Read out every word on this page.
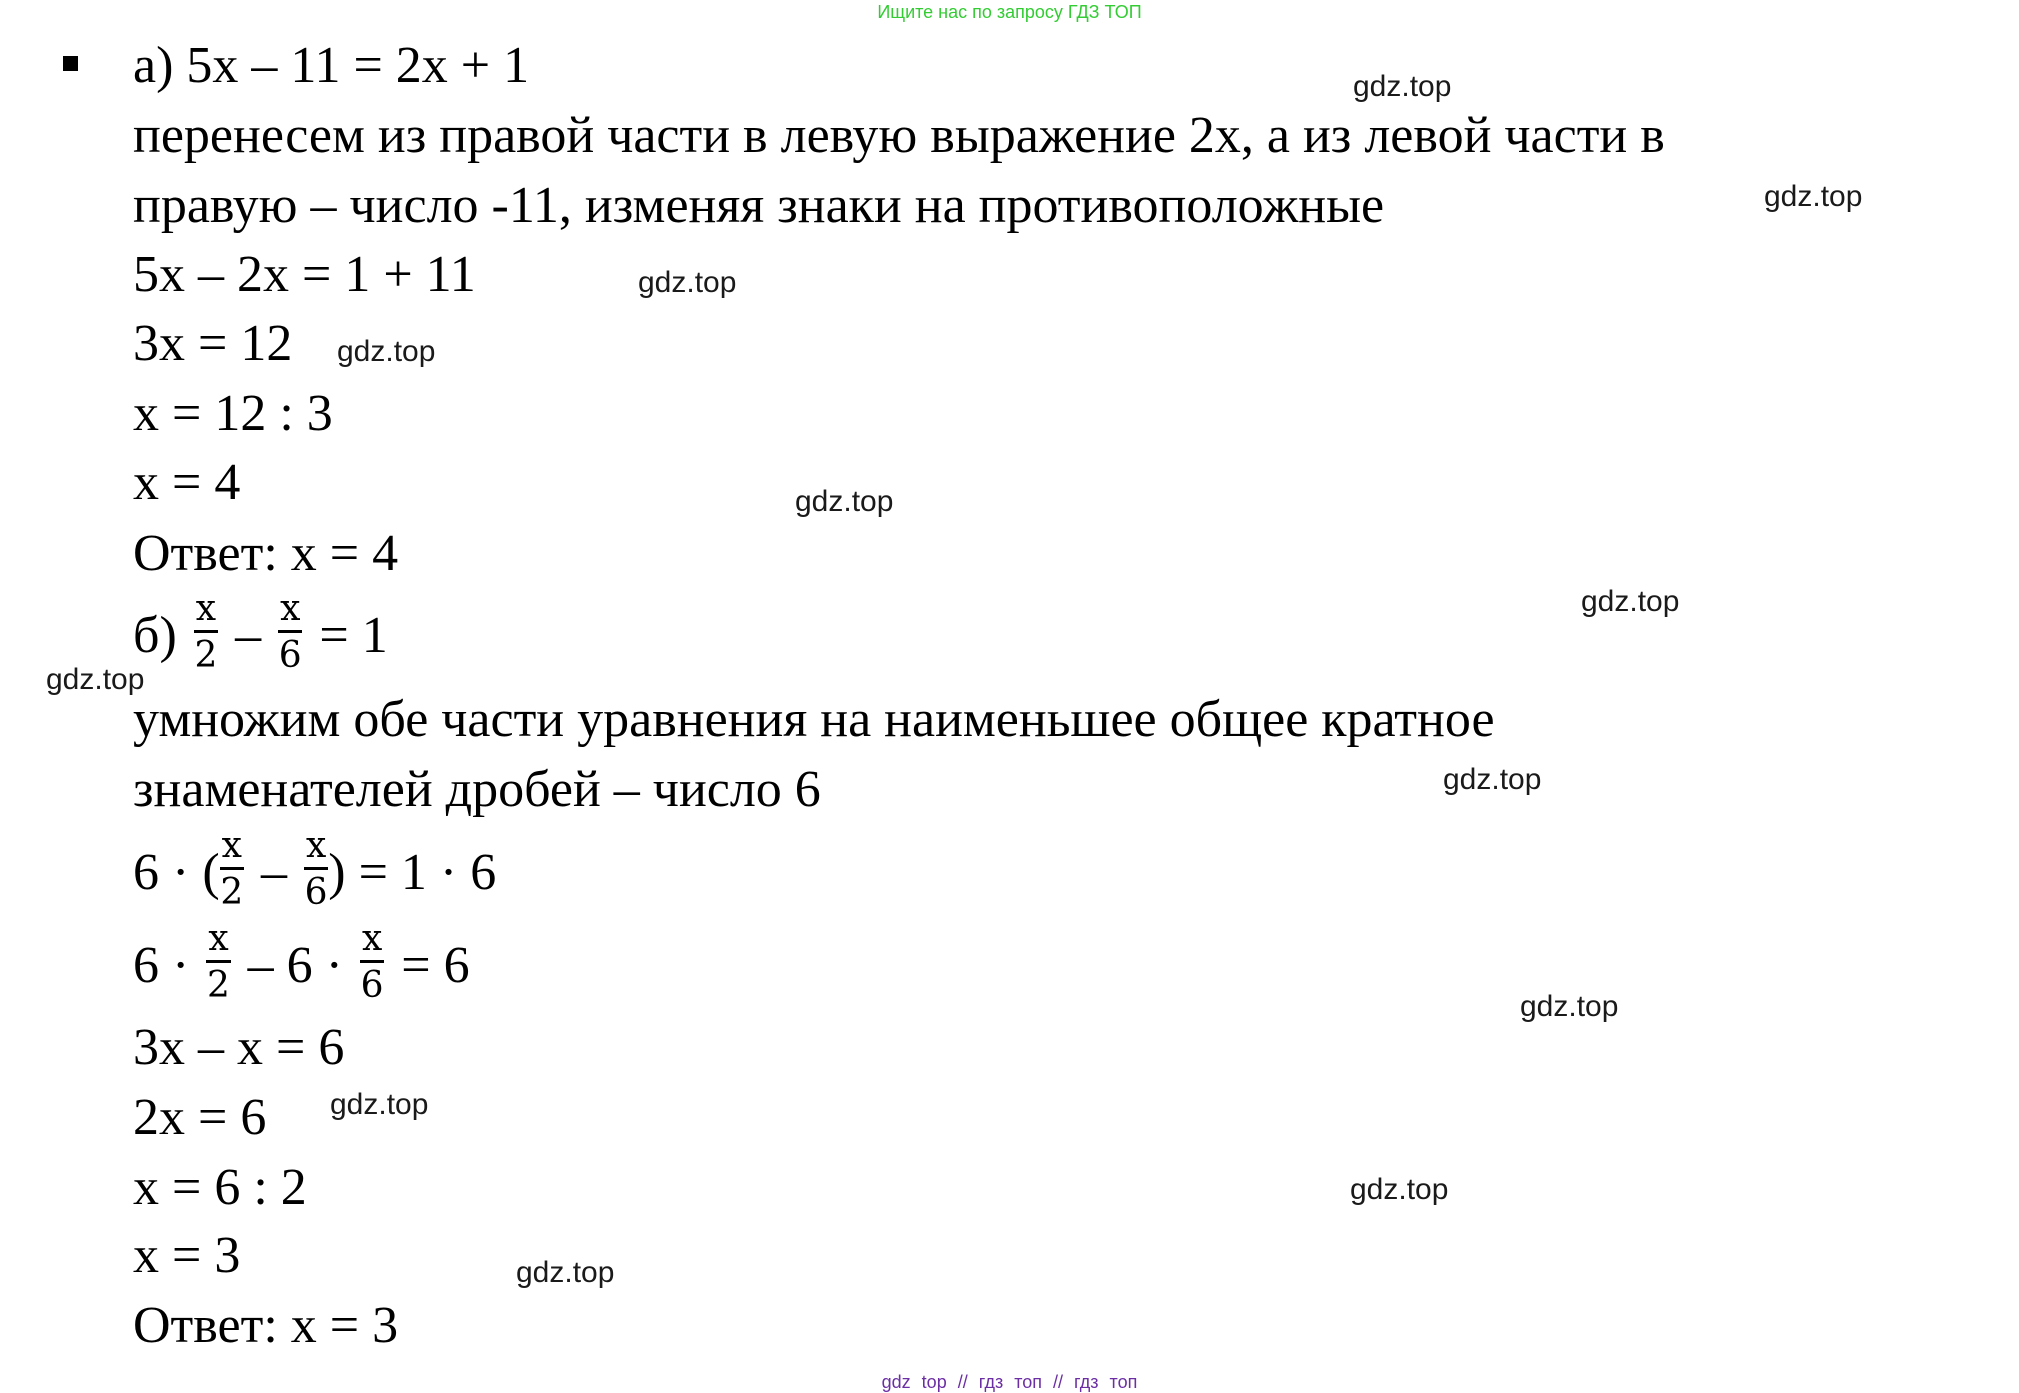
Ищите нас по запросу ГДЗ ТОП
а) 5x – 11 = 2x + 1
перенесем из правой части в левую выражение 2x, а из левой части в
правую – число -11, изменяя знаки на противоположные
5x – 2x = 1 + 11
3x = 12
x = 12 : 3
x = 4
Ответ: x = 4
$б) \frac{x}{2} - \frac{x}{6} = 1$
умножим обе части уравнения на наименьшее общее кратное
знаменателей дробей – число 6
6 · ( $\frac{x}{2} - \frac{x}{6}$ ) = 1 · 6
$6 \cdot \frac{x}{2} - 6 \cdot \frac{x}{6} = 6$
3x – x = 6
2x = 6
x = 6 : 2
x = 3
Ответ: x = 3
gdz.top
gdz.top
gdz.top
gdz.top
gdz.top
gdz.top
gdz.top
gdz.top
gdz.top
gdz.top
gdz.top
gdz.top
gdz top // гдз топ // гдз топ
